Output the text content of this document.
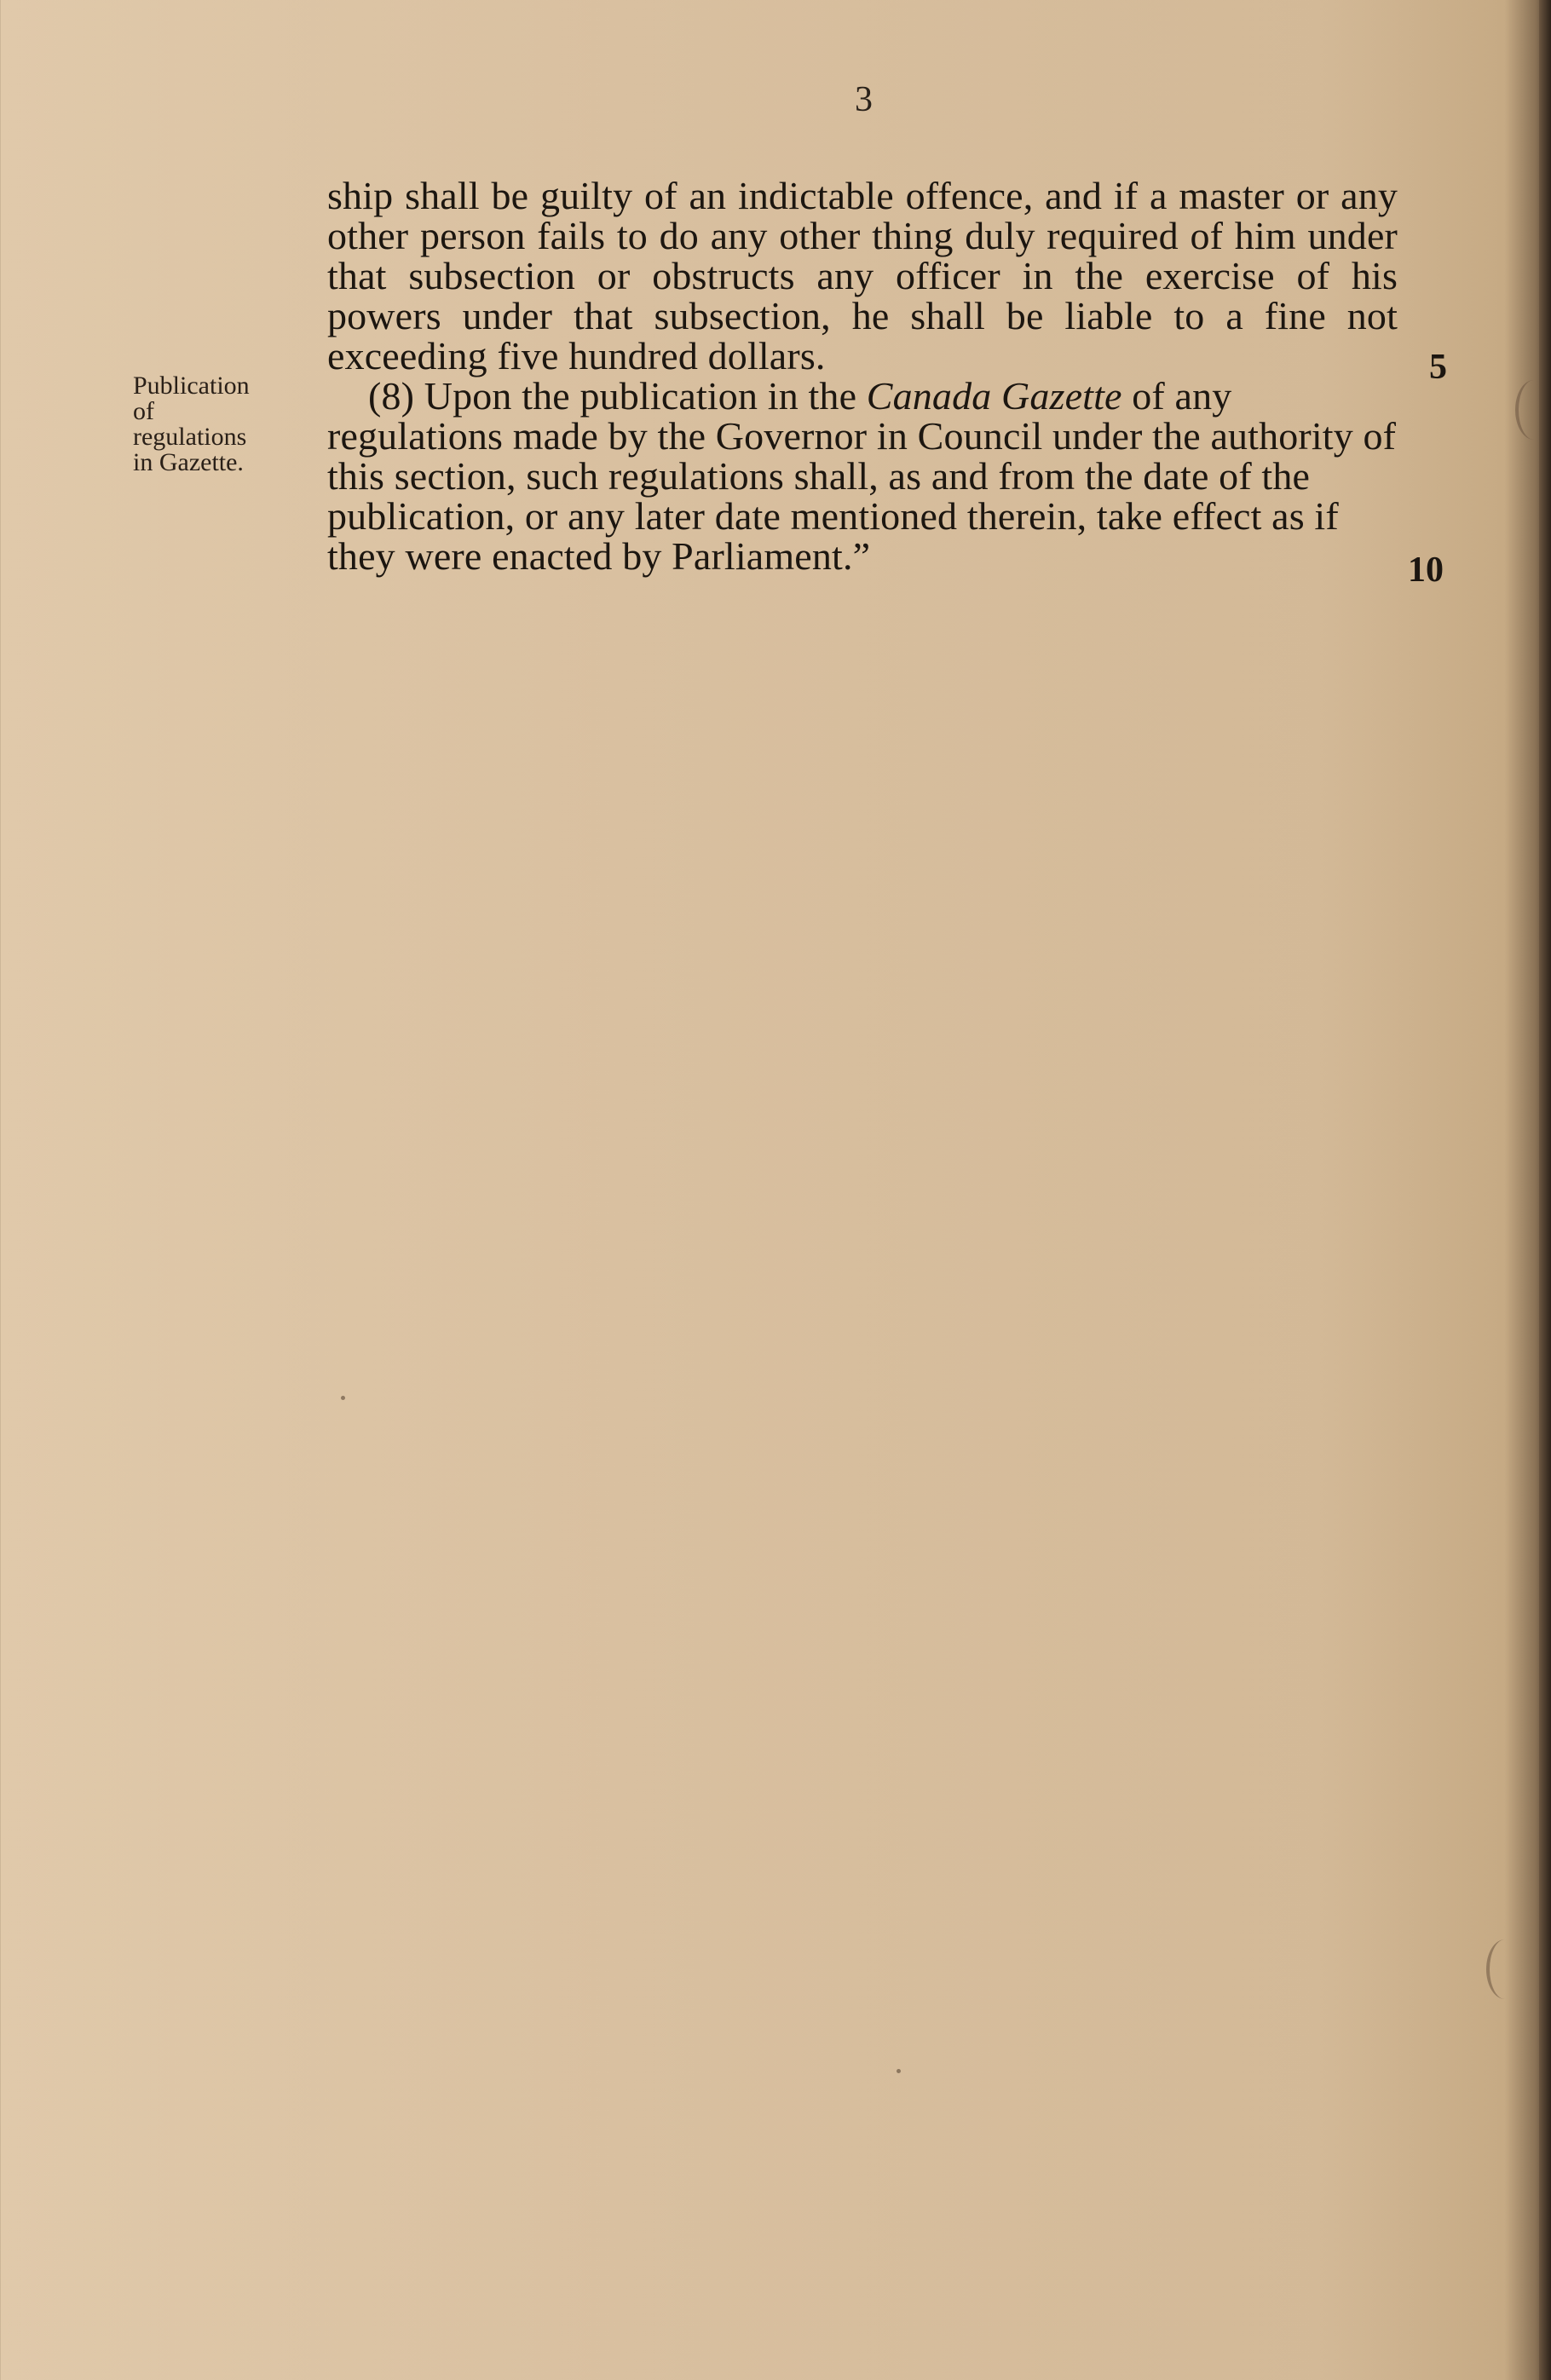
3
Publication
of
regulations
in Gazette.

ship shall be guilty of an indictable offence, and if a master or any other person fails to do any other thing duly required of him under that subsection or obstructs any officer in the exercise of his powers under that subsection, he shall be liable to a fine not exceeding five hundred dollars.

(8) Upon the publication in the Canada Gazette of any regulations made by the Governor in Council under the authority of this section, such regulations shall, as and from the date of the publication, or any later date mentioned therein, take effect as if they were enacted by Parliament.”

5
10
